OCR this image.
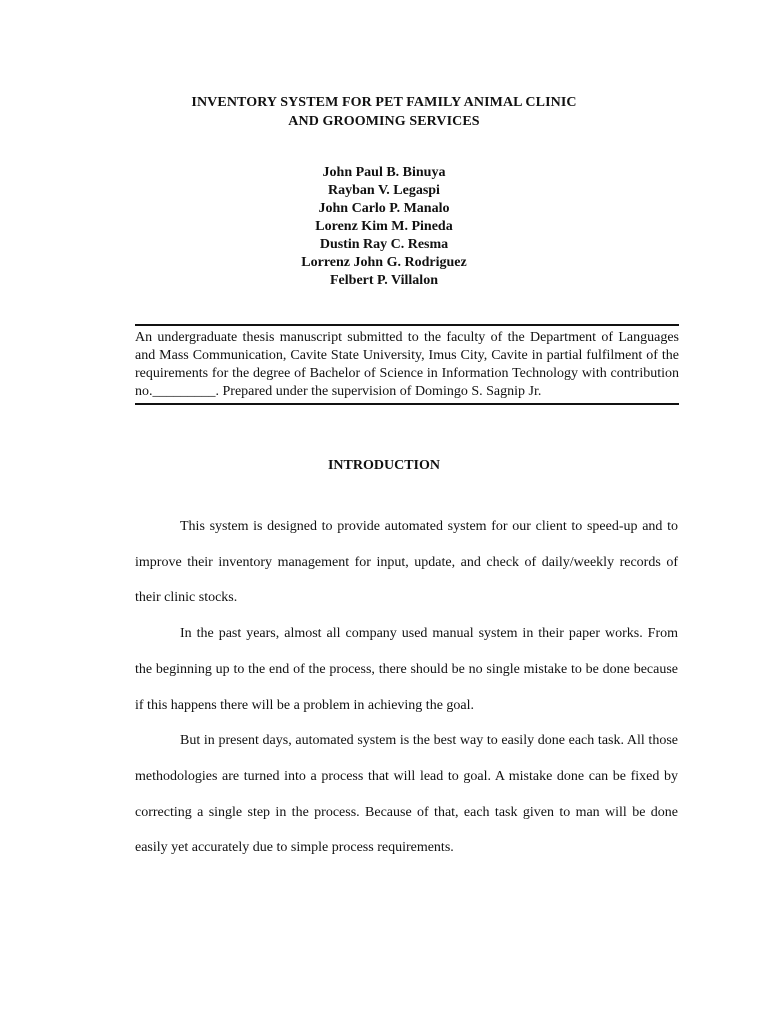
INVENTORY SYSTEM FOR PET FAMILY ANIMAL CLINIC
AND GROOMING SERVICES
John Paul B. Binuya
Rayban V. Legaspi
John Carlo P. Manalo
Lorenz Kim M. Pineda
Dustin Ray C. Resma
Lorrenz John G. Rodriguez
Felbert P. Villalon
An undergraduate thesis manuscript submitted to the faculty of the Department of Languages and Mass Communication, Cavite State University, Imus City, Cavite in partial fulfilment of the requirements for the degree of Bachelor of Science in Information Technology with contribution no._________. Prepared under the supervision of Domingo S. Sagnip Jr.
INTRODUCTION

This system is designed to provide automated system for our client to speed-up and to improve their inventory management for input, update, and check of daily/weekly records of their clinic stocks.

In the past years, almost all company used manual system in their paper works. From the beginning up to the end of the process, there should be no single mistake to be done because if this happens there will be a problem in achieving the goal.

But in present days, automated system is the best way to easily done each task. All those methodologies are turned into a process that will lead to goal. A mistake done can be fixed by correcting a single step in the process. Because of that, each task given to man will be done easily yet accurately due to simple process requirements.
